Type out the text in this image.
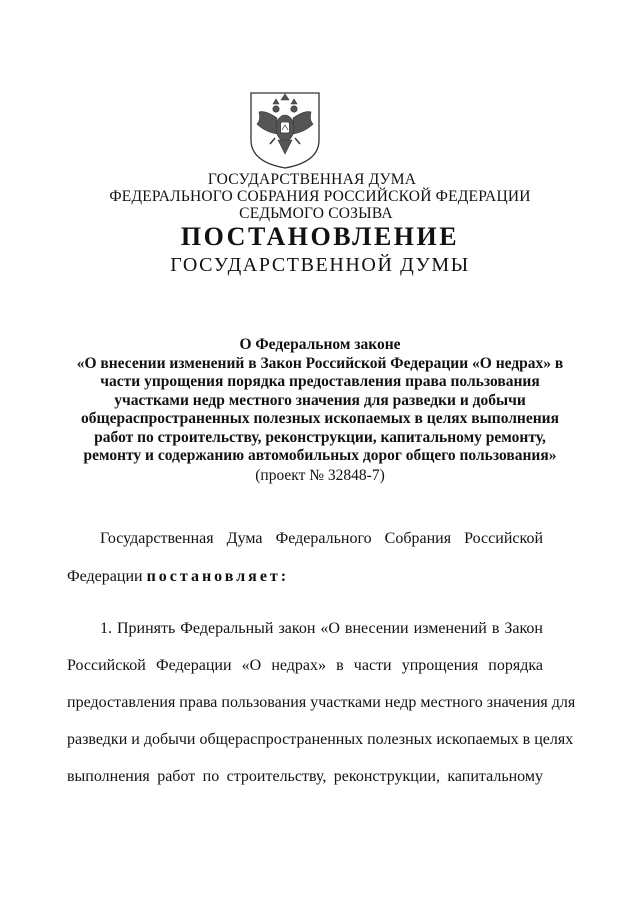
ГОСУДАРСТВЕННАЯ ДУМА
ФЕДЕРАЛЬНОГО СОБРАНИЯ РОССИЙСКОЙ ФЕДЕРАЦИИ
СЕДЬМОГО СОЗЫВА
ПОСТАНОВЛЕНИЕ
ГОСУДАРСТВЕННОЙ ДУМЫ
О Федеральном законе
«О внесении изменений в Закон Российской Федерации «О недрах» в
части упрощения порядка предоставления права пользования
участками недр местного значения для разведки и добычи
общераспространенных полезных ископаемых в целях выполнения
работ по строительству, реконструкции, капитальному ремонту,
ремонту и содержанию автомобильных дорог общего пользования»
(проект № 32848-7)
Государственная Дума Федерального Собрания Российской
Федерации постановляет:
1. Принять Федеральный закон «О внесении изменений в Закон
Российской Федерации «О недрах» в части упрощения порядка
предоставления права пользования участками недр местного значения для
разведки и добычи общераспространенных полезных ископаемых в целях
выполнения работ по строительству, реконструкции, капитальному
